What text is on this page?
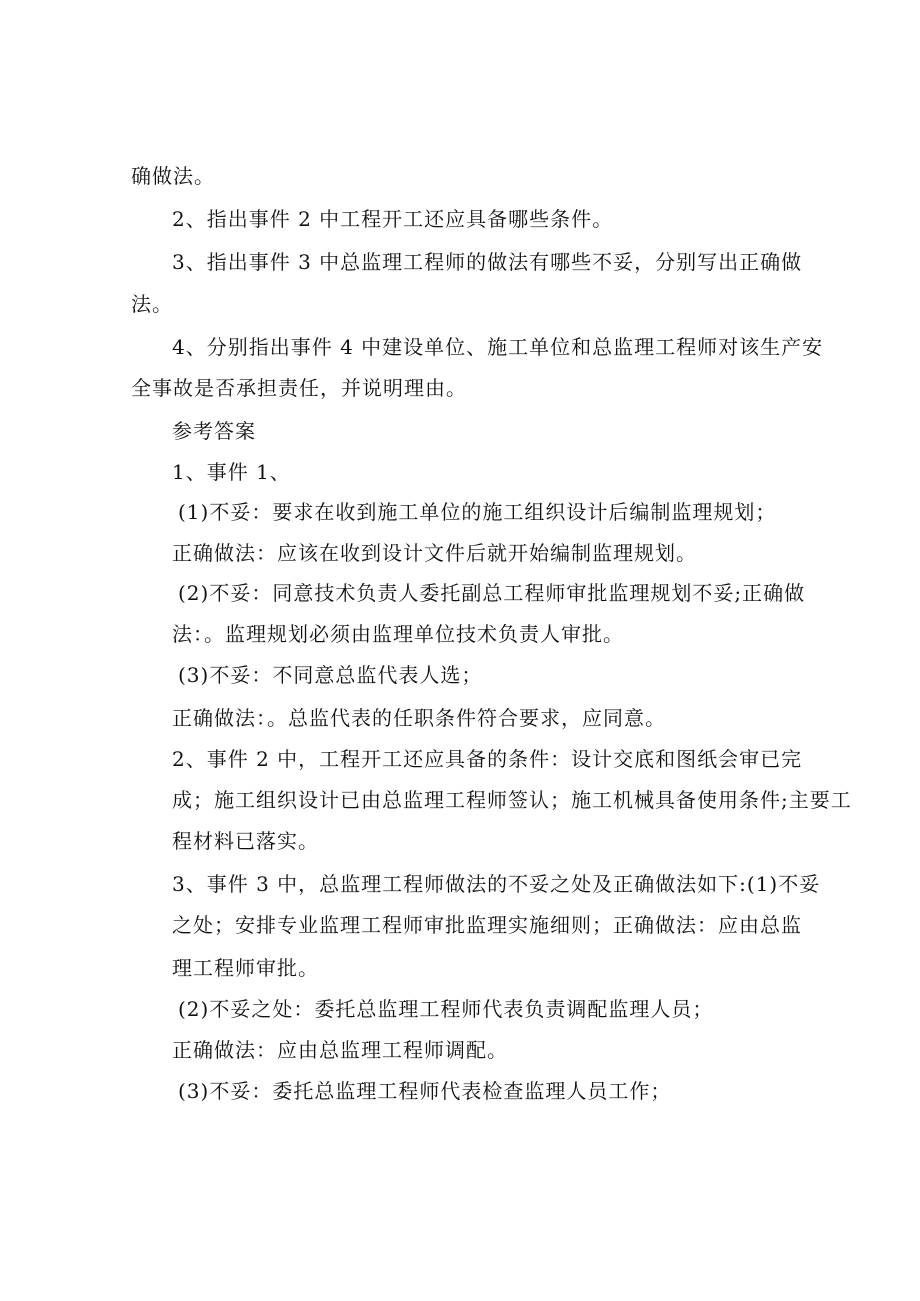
确做法。

2、指出事件 2 中工程开工还应具备哪些条件。

3、指出事件 3 中总监理工程师的做法有哪些不妥，分别写出正确做

法。

4、分别指出事件 4 中建设单位、施工单位和总监理工程师对该生产安

全事故是否承担责任，并说明理由。

参考答案

1、事件 1、

(1)不妥：要求在收到施工单位的施工组织设计后编制监理规划；

正确做法：应该在收到设计文件后就开始编制监理规划。

(2)不妥：同意技术负责人委托副总工程师审批监理规划不妥;正确做

法：。监理规划必须由监理单位技术负责人审批。

(3)不妥：不同意总监代表人选；

正确做法：。总监代表的任职条件符合要求，应同意。

2、事件 2 中，工程开工还应具备的条件：设计交底和图纸会审已完

成；施工组织设计已由总监理工程师签认；施工机械具备使用条件;主要工

程材料已落实。

3、事件 3 中，总监理工程师做法的不妥之处及正确做法如下:(1)不妥

之处；安排专业监理工程师审批监理实施细则；正确做法：应由总监

理工程师审批。

(2)不妥之处：委托总监理工程师代表负责调配监理人员；

正确做法：应由总监理工程师调配。

(3)不妥：委托总监理工程师代表检查监理人员工作；
